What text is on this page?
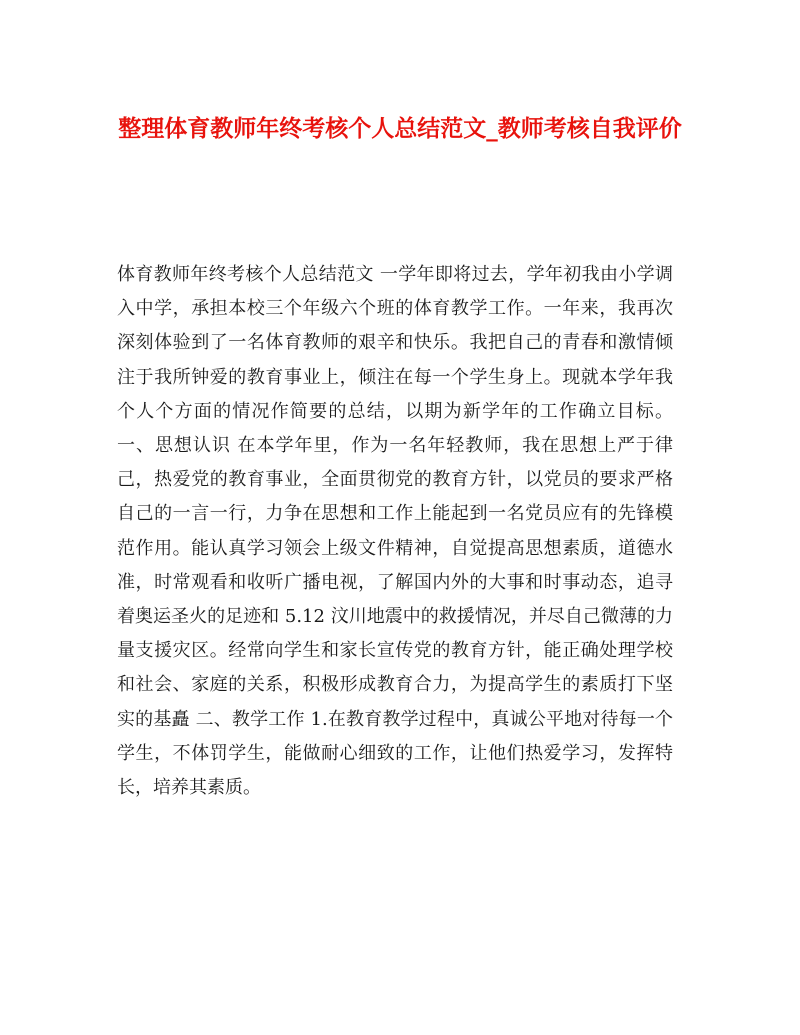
整理体育教师年终考核个人总结范文_教师考核自我评价

体育教师年终考核个人总结范文 一学年即将过去，学年初我由小学调入中学，承担本校三个年级六个班的体育教学工作。一年来，我再次深刻体验到了一名体育教师的艰辛和快乐。我把自己的青春和激情倾注于我所钟爱的教育事业上，倾注在每一个学生身上。现就本学年我个人个方面的情况作简要的总结，以期为新学年的工作确立目标。 一、思想认识 在本学年里，作为一名年轻教师，我在思想上严于律己，热爱党的教育事业，全面贯彻党的教育方针，以党员的要求严格自己的一言一行，力争在思想和工作上能起到一名党员应有的先锋模范作用。能认真学习领会上级文件精神，自觉提高思想素质，道德水准，时常观看和收听广播电视，了解国内外的大事和时事动态，追寻着奥运圣火的足迹和 5.12 汶川地震中的救援情况，并尽自己微薄的力量支援灾区。经常向学生和家长宣传党的教育方针，能正确处理学校和社会、家庭的关系，积极形成教育合力，为提高学生的素质打下坚实的基矗 二、教学工作 1.在教育教学过程中，真诚公平地对待每一个学生，不体罚学生，能做耐心细致的工作，让他们热爱学习，发挥特长，培养其素质。
